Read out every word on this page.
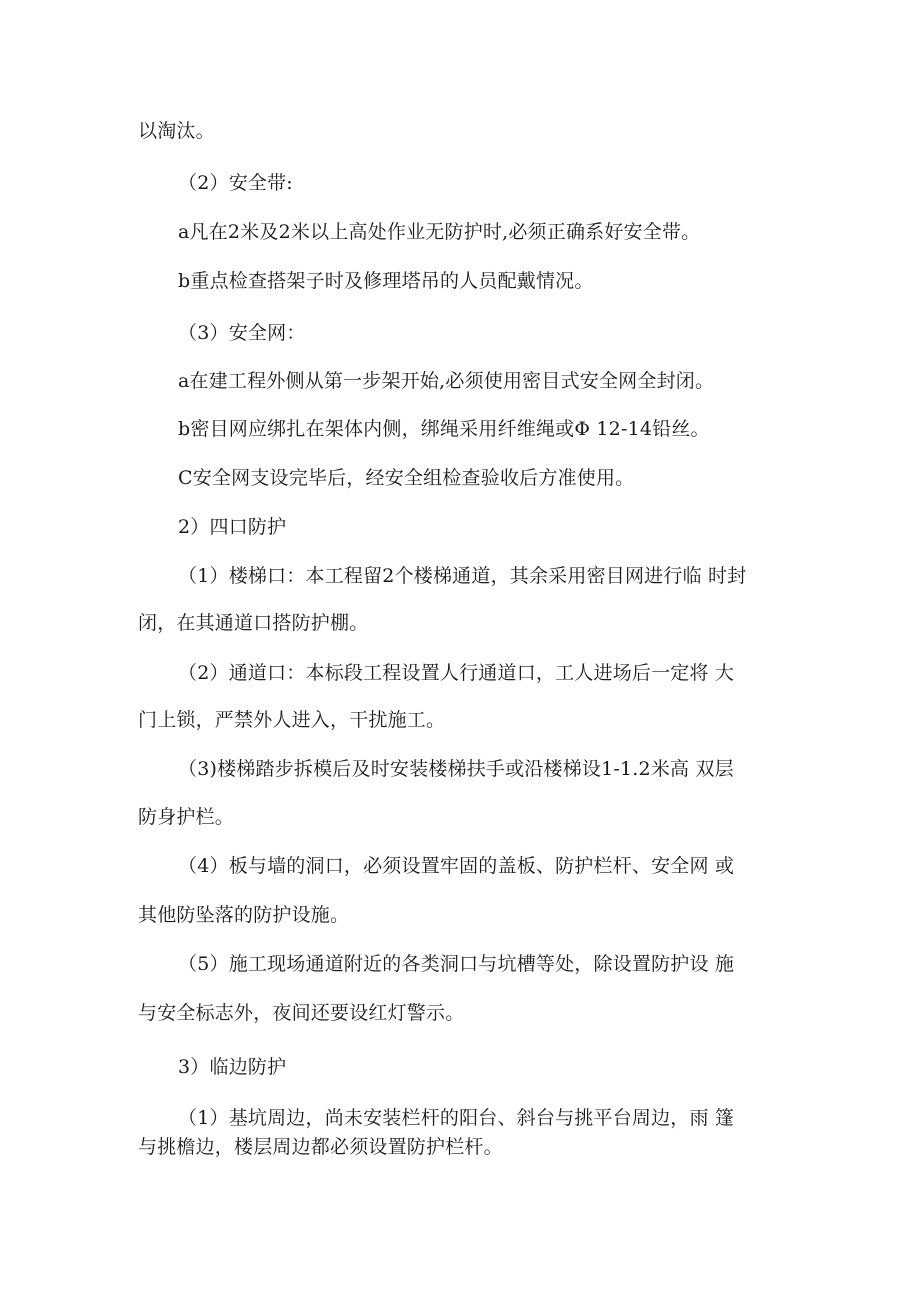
以淘汰。
（2）安全带:
a凡在2米及2米以上高处作业无防护时,必须正确系好安全带。
b重点检查搭架子时及修理塔吊的人员配戴情况。
（3）安全网：
a在建工程外侧从第一步架开始,必须使用密目式安全网全封闭。
b密目网应绑扎在架体内侧，绑绳采用纤维绳或Φ 12-14铅丝。
C安全网支设完毕后，经安全组检查验收后方准使用。
2）四口防护
（1）楼梯口：本工程留2个楼梯通道，其余采用密目网进行临 时封
闭，在其通道口搭防护棚。
（2）通道口：本标段工程设置人行通道口，工人进场后一定将 大
门上锁，严禁外人进入，干扰施工。
（3)楼梯踏步拆模后及时安装楼梯扶手或沿楼梯设1-1.2米高 双层
防身护栏。
（4）板与墙的洞口，必须设置牢固的盖板、防护栏杆、安全网 或
其他防坠落的防护设施。
（5）施工现场通道附近的各类洞口与坑槽等处，除设置防护设 施
与安全标志外，夜间还要设红灯警示。
3）临边防护
（1）基坑周边，尚未安装栏杆的阳台、斜台与挑平台周边，雨 篷
与挑檐边，楼层周边都必须设置防护栏杆。
